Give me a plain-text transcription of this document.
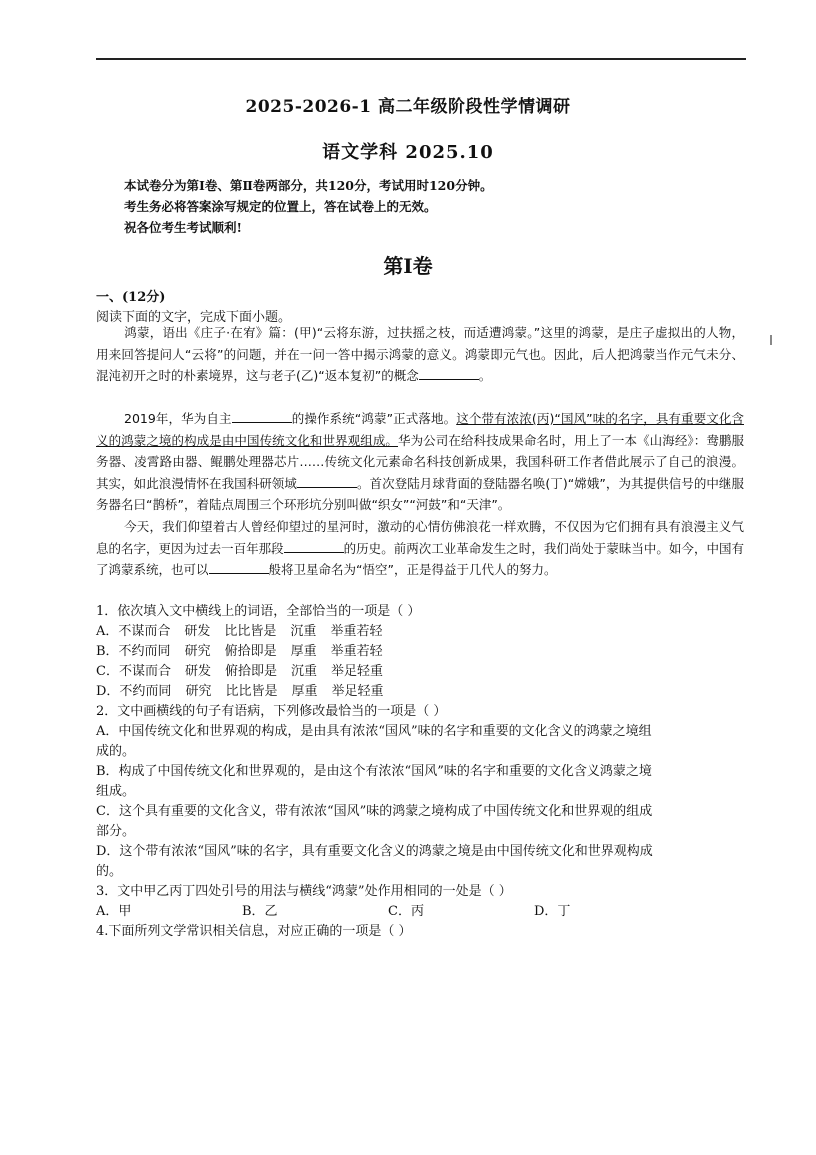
2025-2026-1 高二年级阶段性学情调研
语文学科 2025.10
本试卷分为第Ⅰ卷、第Ⅱ卷两部分，共120分，考试用时120分钟。
考生务必将答案涂写规定的位置上，答在试卷上的无效。
祝各位考生考试顺利!
第Ⅰ卷
一、(12分)
阅读下面的文字，完成下面小题。
鸿蒙，语出《庄子·在宥》篇：(甲)“云将东游，过扶摇之枝，而适遭鸿蒙。”这里的鸿蒙，是庄子虚拟出的人物，用来回答提问人“云将”的问题，并在一问一答中揭示鸿蒙的意义。鸿蒙即元气也。因此，后人把鸿蒙当作元气未分、混沌初开之时的朴素境界，这与老子(乙)“返本复初”的概念	。
2019年，华为自主	的操作系统“鸿蒙”正式落地。这个带有浓浓(丙)“国风”味的名字，具有重要文化含义的鸿蒙之境的构成是由中国传统文化和世界观组成。华为公司在给科技成果命名时，用上了一本《山海经》：鸯鹏服务器、凌霄路由器、鲲鹏处理器芯片……传统文化元素命名科技创新成果，我国科研工作者借此展示了自己的浪漫。其实，如此浪漫情怀在我国科研领域	。首次登陆月球背面的登陆器名唤(丁)“嫦娥”，为其提供信号的中继服务器名曰“鹊桥”，着陆点周围三个环形坑分别叫做“织女”“河鼓”和“天津”。
今天，我们仰望着古人曾经仰望过的星河时，激动的心情仿佛浪花一样欢腾，不仅因为它们拥有具有浪漫主义气息的名字，更因为过去一百年那段	的历史。前两次工业革命发生之时，我们尚处于蒙昧当中。如今，中国有了鸿蒙系统，也可以	般将卫星命名为“悟空”，正是得益于几代人的努力。
1．依次填入文中横线上的词语，全部恰当的一项是（ ）
A．不谋而合 研发 比比皆是 沉重 举重若轻
B．不约而同 研究 俯拾即是 厚重 举重若轻
C．不谋而合 研发 俯拾即是 沉重 举足轻重
D．不约而同 研究 比比皆是 厚重 举足轻重
2．文中画横线的句子有语病，下列修改最恰当的一项是（ ）
A．中国传统文化和世界观的构成，是由具有浓浓“国风”味的名字和重要的文化含义的鸿蒙之境组
成的。
B．构成了中国传统文化和世界观的，是由这个有浓浓“国风”味的名字和重要的文化含义鸿蒙之境
组成。
C．这个具有重要的文化含义，带有浓浓“国风”味的鸿蒙之境构成了中国传统文化和世界观的组成
部分。
D．这个带有浓浓“国风”味的名字，具有重要文化含义的鸿蒙之境是由中国传统文化和世界观构成
的。
3．文中甲乙丙丁四处引号的用法与横线“鸿蒙”处作用相同的一处是（ ）
A．甲	B．乙	C．丙	D．丁
4.下面所列文学常识相关信息，对应正确的一项是（ ）
